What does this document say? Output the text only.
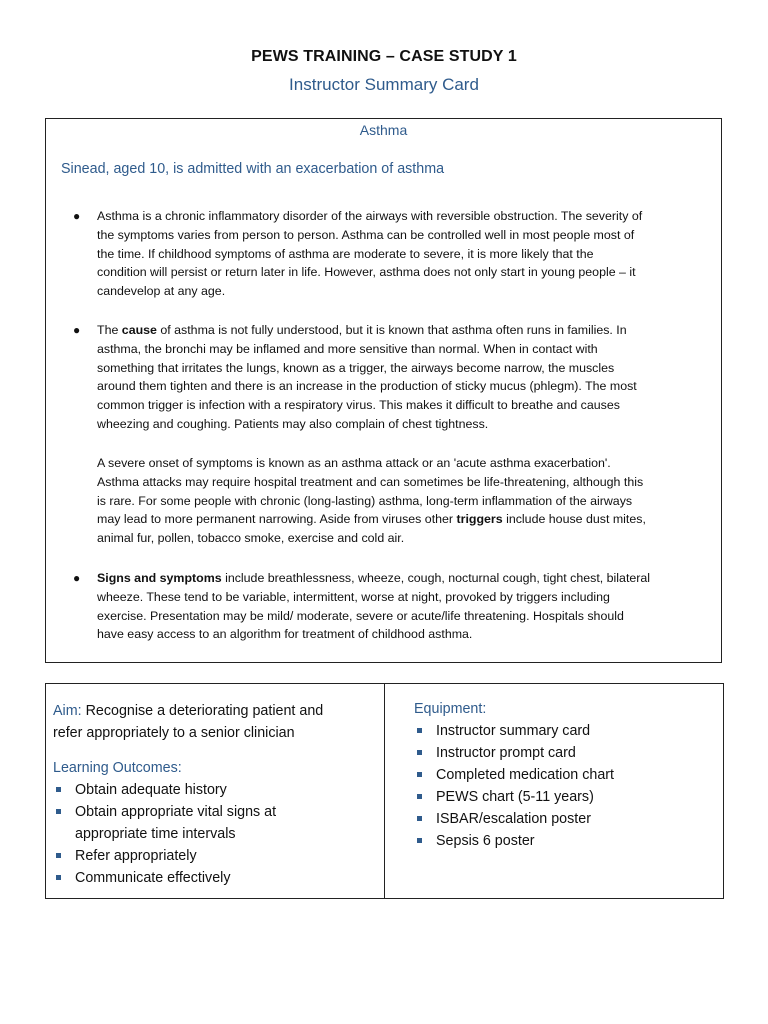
PEWS TRAINING – CASE STUDY 1
Instructor Summary Card
Asthma
Sinead, aged 10, is admitted with an exacerbation of asthma
● Asthma is a chronic inflammatory disorder of the airways with reversible obstruction. The severity of
the symptoms varies from person to person. Asthma can be controlled well in most people most of
the time. If childhood symptoms of asthma are moderate to severe, it is more likely that the
condition will persist or return later in life. However, asthma does not only start in young people – it
candevelop at any age.
● The cause of asthma is not fully understood, but it is known that asthma often runs in families. In
asthma, the bronchi may be inflamed and more sensitive than normal. When in contact with
something that irritates the lungs, known as a trigger, the airways become narrow, the muscles
around them tighten and there is an increase in the production of sticky mucus (phlegm). The most
common trigger is infection with a respiratory virus. This makes it difficult to breathe and causes
wheezing and coughing. Patients may also complain of chest tightness.
A severe onset of symptoms is known as an asthma attack or an 'acute asthma exacerbation'.
Asthma attacks may require hospital treatment and can sometimes be life-threatening, although this
is rare. For some people with chronic (long-lasting) asthma, long-term inflammation of the airways
may lead to more permanent narrowing. Aside from viruses other triggers include house dust mites,
animal fur, pollen, tobacco smoke, exercise and cold air.
● Signs and symptoms include breathlessness, wheeze, cough, nocturnal cough, tight chest, bilateral
wheeze. These tend to be variable, intermittent, worse at night, provoked by triggers including
exercise. Presentation may be mild/ moderate, severe or acute/life threatening. Hospitals should
have easy access to an algorithm for treatment of childhood asthma.
Aim: Recognise a deteriorating patient and
refer appropriately to a senior clinician
Learning Outcomes:
Obtain adequate history
Obtain appropriate vital signs at
appropriate time intervals
Refer appropriately
Communicate effectively
Equipment:
Instructor summary card
Instructor prompt card
Completed medication chart
PEWS chart (5-11 years)
ISBAR/escalation poster
Sepsis 6 poster
